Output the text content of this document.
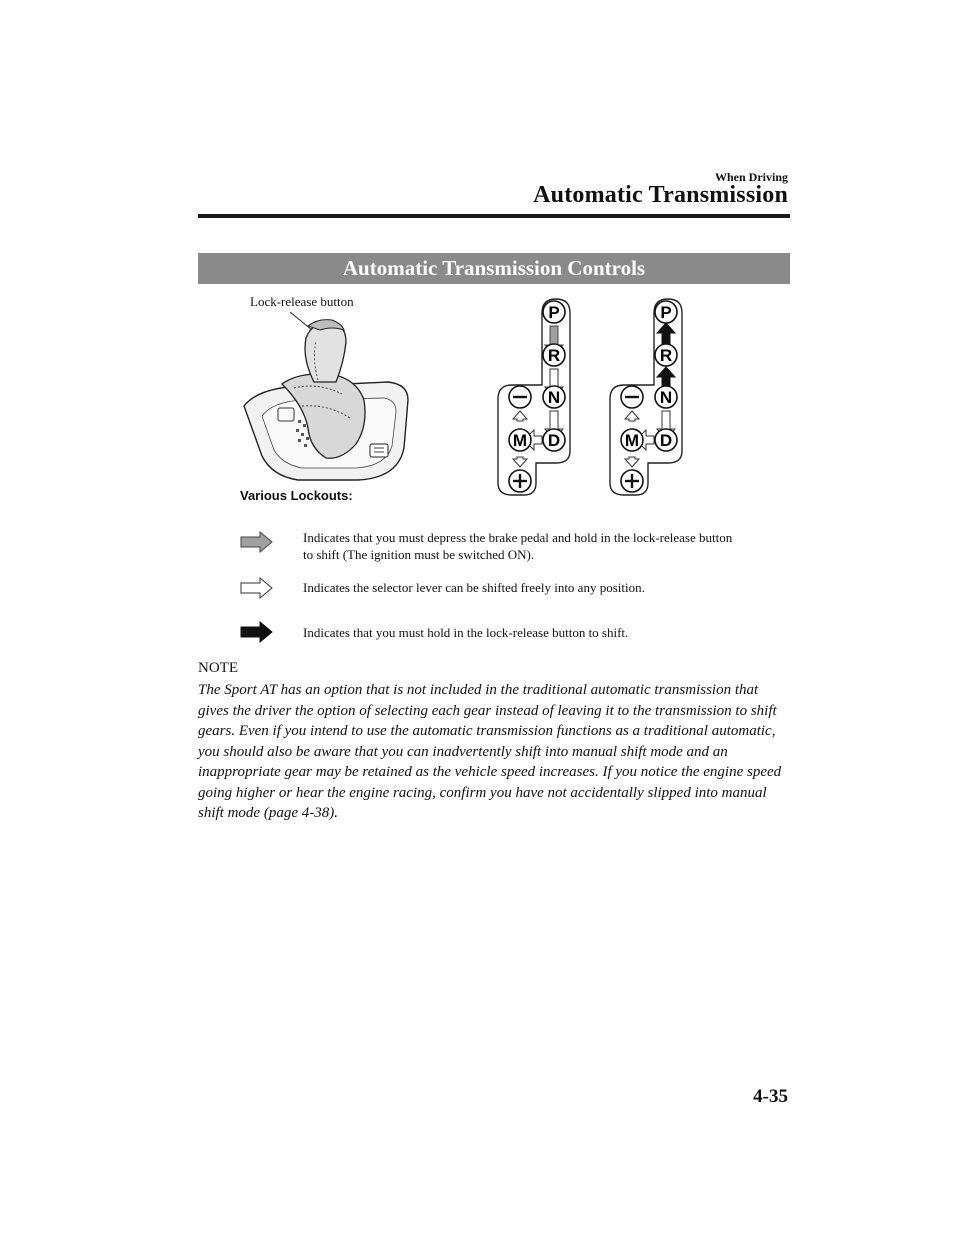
When Driving
Automatic Transmission
Automatic Transmission Controls
Lock-release button
P
R
N
D
M
P
R
N
D
M
Various Lockouts:
Indicates that you must depress the brake pedal and hold in the lock-release button to shift (The ignition must be switched ON).
Indicates the selector lever can be shifted freely into any position.
Indicates that you must hold in the lock-release button to shift.
NOTE
The Sport AT has an option that is not included in the traditional automatic transmission that gives the driver the option of selecting each gear instead of leaving it to the transmission to shift gears. Even if you intend to use the automatic transmission functions as a traditional automatic, you should also be aware that you can inadvertently shift into manual shift mode and an inappropriate gear may be retained as the vehicle speed increases. If you notice the engine speed going higher or hear the engine racing, confirm you have not accidentally slipped into manual shift mode (page 4-38).
4-35
